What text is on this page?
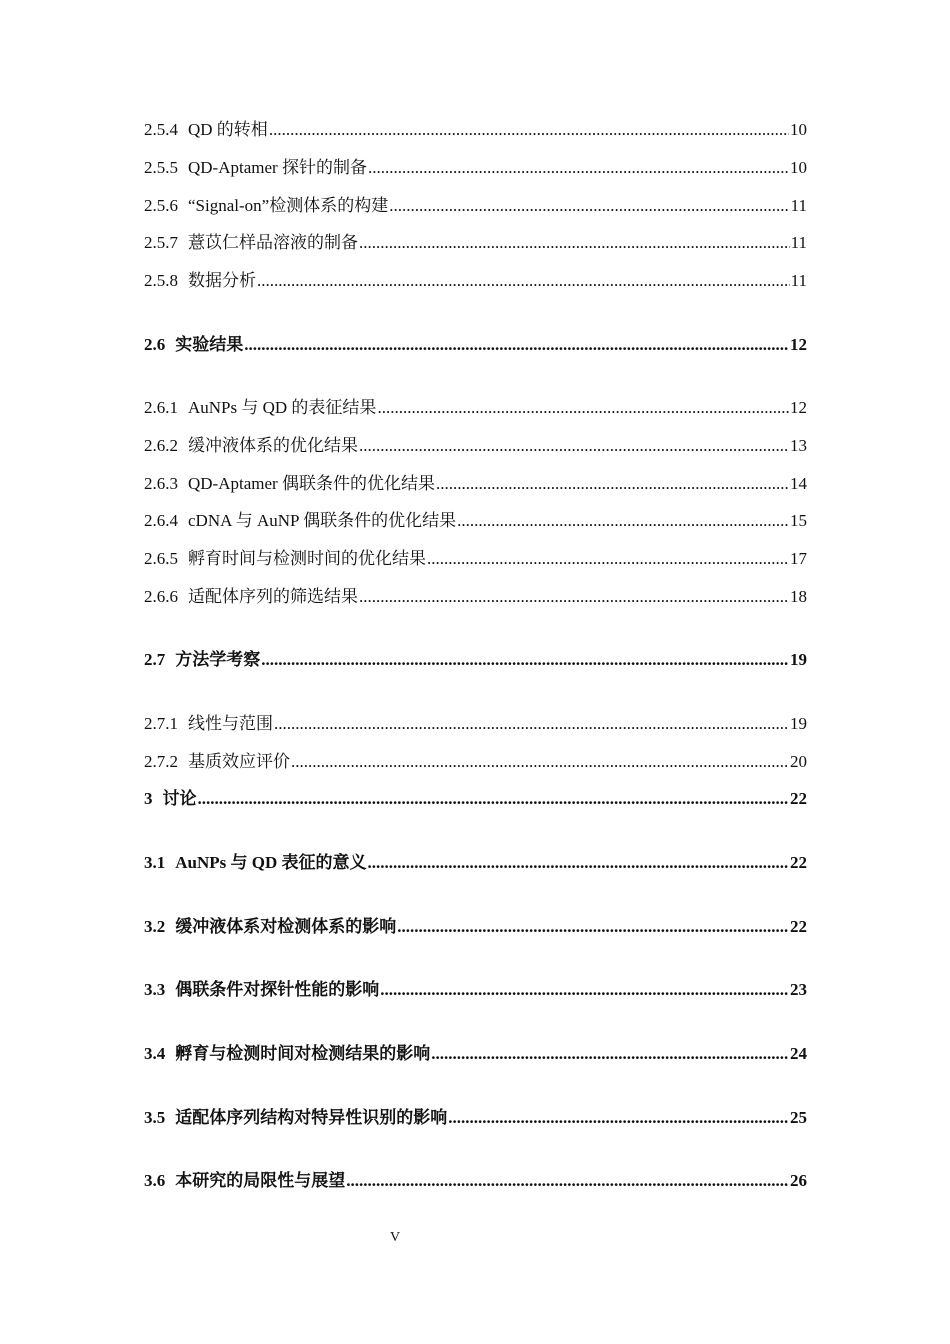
2.5.4 QD 的转相 .....	10
2.5.5 QD-Aptamer 探针的制备 .....	10
2.5.6 “Signal-on”检测体系的构建 .....	11
2.5.7 薏苡仁样品溶液的制备 .....	11
2.5.8 数据分析 .....	11
2.6 实验结果 .....	12
2.6.1 AuNPs 与 QD 的表征结果 .....	12
2.6.2 缓冲液体系的优化结果 .....	13
2.6.3 QD-Aptamer 偶联条件的优化结果 .....	14
2.6.4 cDNA 与 AuNP 偶联条件的优化结果 .....	15
2.6.5 孵育时间与检测时间的优化结果 .....	17
2.6.6 适配体序列的筛选结果 .....	18
2.7 方法学考察 .....	19
2.7.1 线性与范围 .....	19
2.7.2 基质效应评价 .....	20
3 讨论 .....	22
3.1 AuNPs 与 QD 表征的意义 .....	22
3.2 缓冲液体系对检测体系的影响 .....	22
3.3 偶联条件对探针性能的影响 .....	23
3.4 孵育与检测时间对检测结果的影响 .....	24
3.5 适配体序列结构对特异性识别的影响 .....	25
3.6 本研究的局限性与展望 .....	26
V
